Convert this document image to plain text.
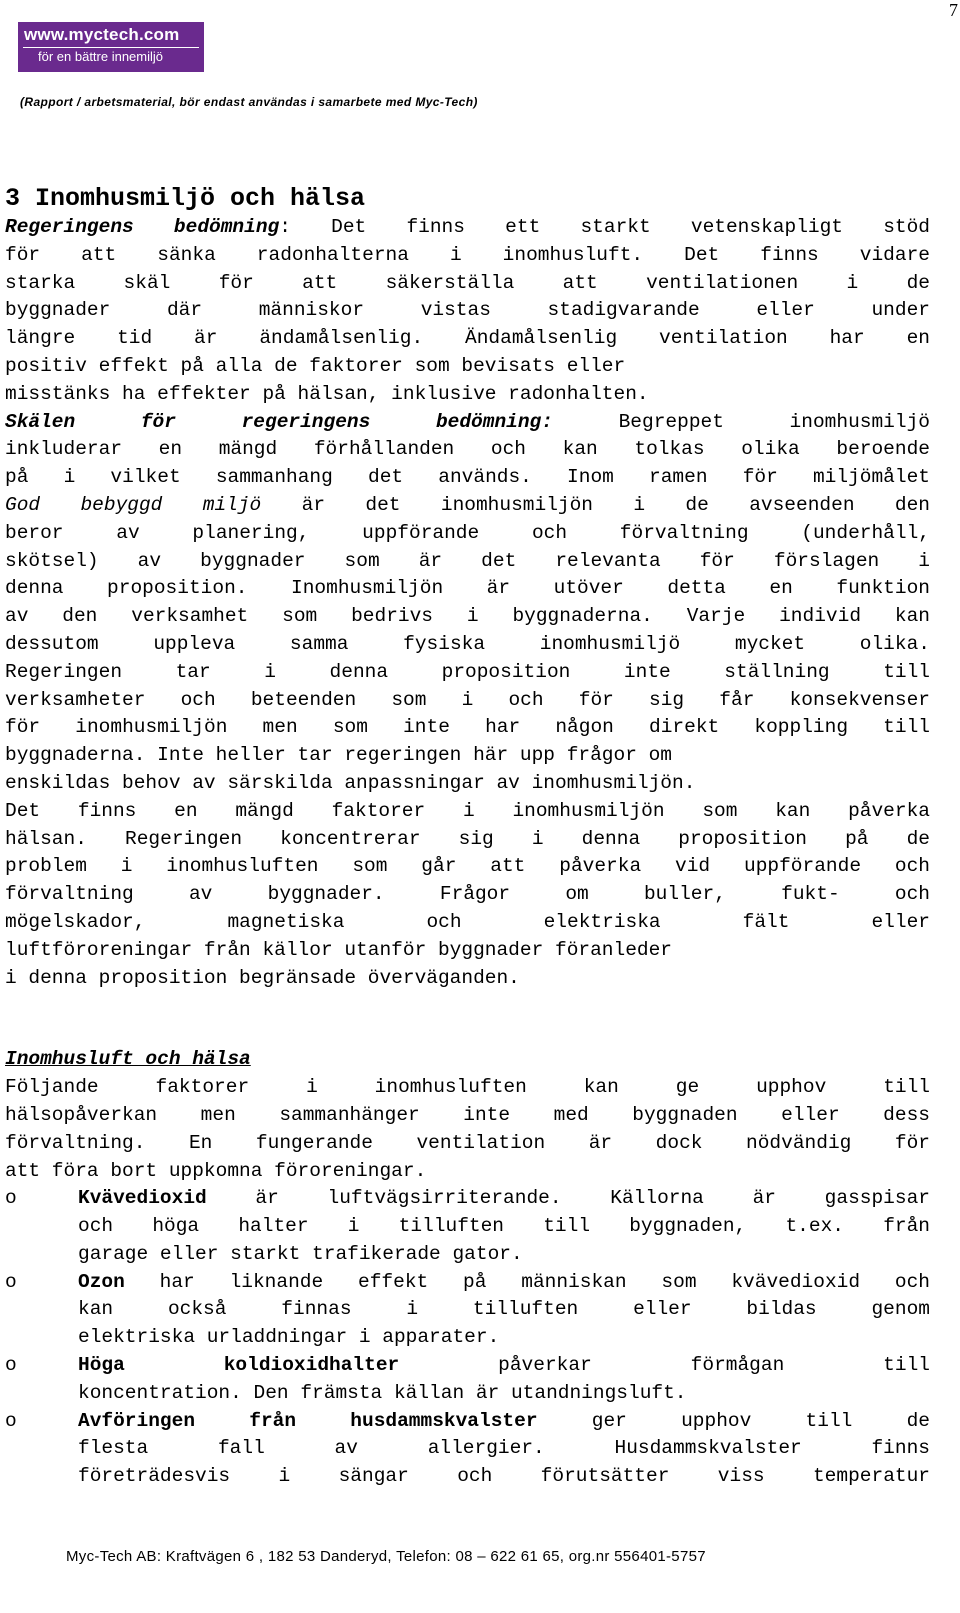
7
www.myctech.com
för en bättre innemiljö
(Rapport / arbetsmaterial, bör endast användas i samarbete med Myc-Tech)
3 Inomhusmiljö och hälsa
Regeringens bedömning: Det finns ett starkt vetenskapligt stöd
för att sänka radonhalterna i inomhusluft. Det finns vidare
starka skäl för att säkerställa att ventilationen i de
byggnader där människor vistas stadigvarande eller under
längre tid är ändamålsenlig. Ändamålsenlig ventilation har en
positiv effekt på alla de faktorer som bevisats eller
misstänks ha effekter på hälsan, inklusive radonhalten.
Skälen för regeringens bedömning: Begreppet inomhusmiljö
inkluderar en mängd förhållanden och kan tolkas olika beroende
på i vilket sammanhang det används. Inom ramen för miljömålet
God bebyggd miljö är det inomhusmiljön i de avseenden den
beror av planering, uppförande och förvaltning (underhåll,
skötsel) av byggnader som är det relevanta för förslagen i
denna proposition. Inomhusmiljön är utöver detta en funktion
av den verksamhet som bedrivs i byggnaderna. Varje individ kan
dessutom uppleva samma fysiska inomhusmiljö mycket olika.
Regeringen tar i denna proposition inte ställning till
verksamheter och beteenden som i och för sig får konsekvenser
för inomhusmiljön men som inte har någon direkt koppling till
byggnaderna. Inte heller tar regeringen här upp frågor om
enskildas behov av särskilda anpassningar av inomhusmiljön.
Det finns en mängd faktorer i inomhusmiljön som kan påverka
hälsan. Regeringen koncentrerar sig i denna proposition på de
problem i inomhusluften som går att påverka vid uppförande och
förvaltning av byggnader. Frågor om buller, fukt- och
mögelskador, magnetiska och elektriska fält eller
luftföroreningar från källor utanför byggnader föranleder
i denna proposition begränsade överväganden.
Inomhusluft och hälsa
Följande faktorer i inomhusluften kan ge upphov till
hälsopåverkan men sammanhänger inte med byggnaden eller dess
förvaltning. En fungerande ventilation är dock nödvändig för
att föra bort uppkomna föroreningar.
o	Kvävedioxid är luftvägsirriterande. Källorna är gasspisar
och höga halter i tilluften till byggnaden, t.ex. från
garage eller starkt trafikerade gator.
o	Ozon har liknande effekt på människan som kvävedioxid och
kan också finnas i tilluften eller bildas genom
elektriska urladdningar i apparater.
o	Höga koldioxidhalter påverkar förmågan till
koncentration. Den främsta källan är utandningsluft.
o	Avföringen från husdammskvalster ger upphov till de
flesta fall av allergier. Husdammskvalster finns
företrädesvis i sängar och förutsätter viss temperatur
Myc-Tech AB: Kraftvägen 6 , 182 53 Danderyd, Telefon: 08 – 622 61 65, org.nr 556401-5757
